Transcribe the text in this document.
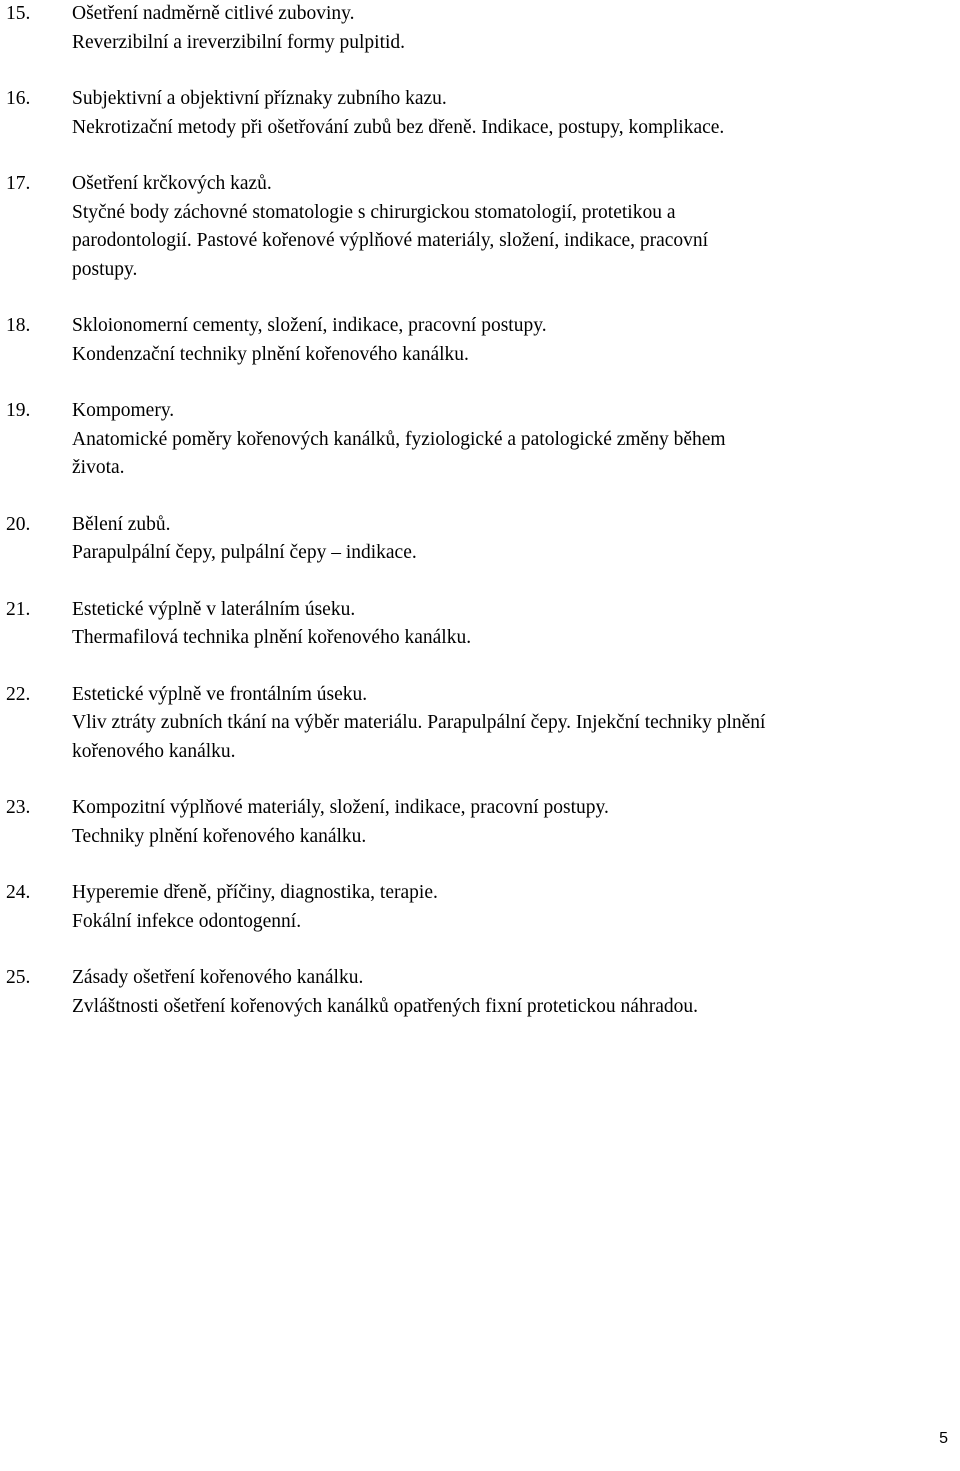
15. Ošetření nadměrně citlivé zuboviny.
Reverzibilní a ireverzibilní formy pulpitid.
16. Subjektivní a objektivní příznaky zubního kazu.
Nekrotizační metody při ošetřování zubů bez dřeně. Indikace, postupy, komplikace.
17. Ošetření krčkových kazů.
Styčné body záchovné stomatologie s chirurgickou stomatologií, protetikou a
parodontologií. Pastové kořenové výplňové materiály, složení, indikace, pracovní
postupy.
18. Skloionomerní cementy, složení, indikace, pracovní postupy.
Kondenzační techniky plnění kořenového kanálku.
19. Kompomery.
Anatomické poměry kořenových kanálků, fyziologické a patologické změny během
života.
20. Bělení zubů.
Parapulpální čepy, pulpální čepy – indikace.
21. Estetické výplně v laterálním úseku.
Thermafilová technika plnění kořenového kanálku.
22. Estetické výplně ve frontálním úseku.
Vliv ztráty zubních tkání na výběr materiálu. Parapulpální čepy. Injekční techniky plnění
kořenového kanálku.
23. Kompozitní výplňové materiály, složení, indikace, pracovní postupy.
Techniky plnění kořenového kanálku.
24. Hyperemie dřeně, příčiny, diagnostika, terapie.
Fokální infekce odontogenní.
25. Zásady ošetření kořenového kanálku.
Zvláštnosti ošetření kořenových kanálků opatřených fixní protetickou náhradou.
5
